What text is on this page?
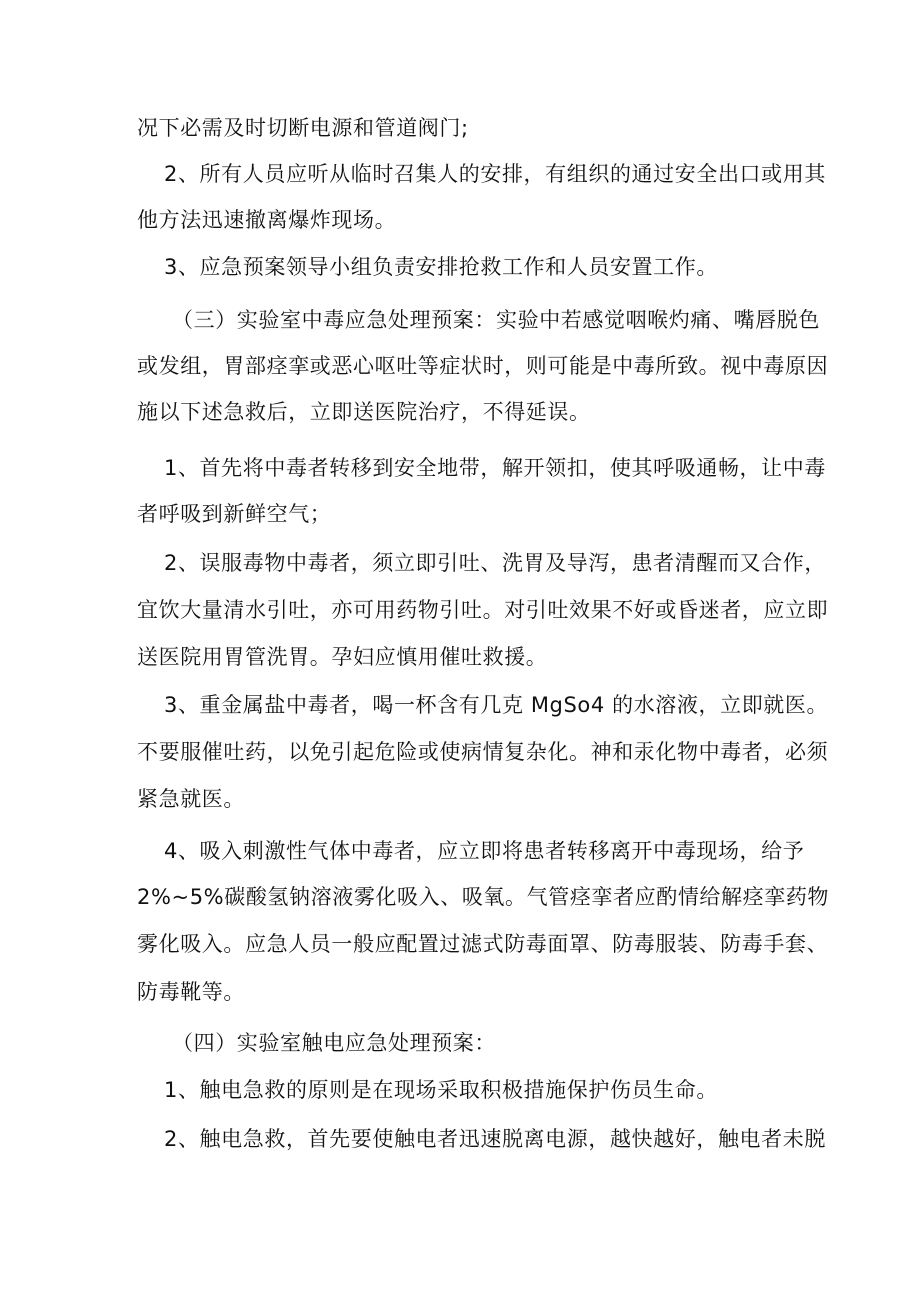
况下必需及时切断电源和管道阀门;
2、所有人员应听从临时召集人的安排，有组织的通过安全出口或用其
他方法迅速撤离爆炸现场。
3、应急预案领导小组负责安排抢救工作和人员安置工作。
（三）实验室中毒应急处理预案：实验中若感觉咽喉灼痛、嘴唇脱色
或发组，胃部痉挛或恶心呕吐等症状时，则可能是中毒所致。视中毒原因
施以下述急救后，立即送医院治疗，不得延误。
1、首先将中毒者转移到安全地带，解开领扣，使其呼吸通畅，让中毒
者呼吸到新鲜空气；
2、误服毒物中毒者，须立即引吐、洗胃及导泻，患者清醒而又合作，
宜饮大量清水引吐，亦可用药物引吐。对引吐效果不好或昏迷者，应立即
送医院用胃管洗胃。孕妇应慎用催吐救援。
3、重金属盐中毒者，喝一杯含有几克 MgSo4 的水溶液，立即就医。
不要服催吐药，以免引起危险或使病情复杂化。神和汞化物中毒者，必须
紧急就医。
4、吸入刺激性气体中毒者，应立即将患者转移离开中毒现场，给予
2%~5%碳酸氢钠溶液雾化吸入、吸氧。气管痉挛者应酌情给解痉挛药物
雾化吸入。应急人员一般应配置过滤式防毒面罩、防毒服装、防毒手套、
防毒靴等。
（四）实验室触电应急处理预案：
1、触电急救的原则是在现场采取积极措施保护伤员生命。
2、触电急救，首先要使触电者迅速脱离电源，越快越好，触电者未脱
